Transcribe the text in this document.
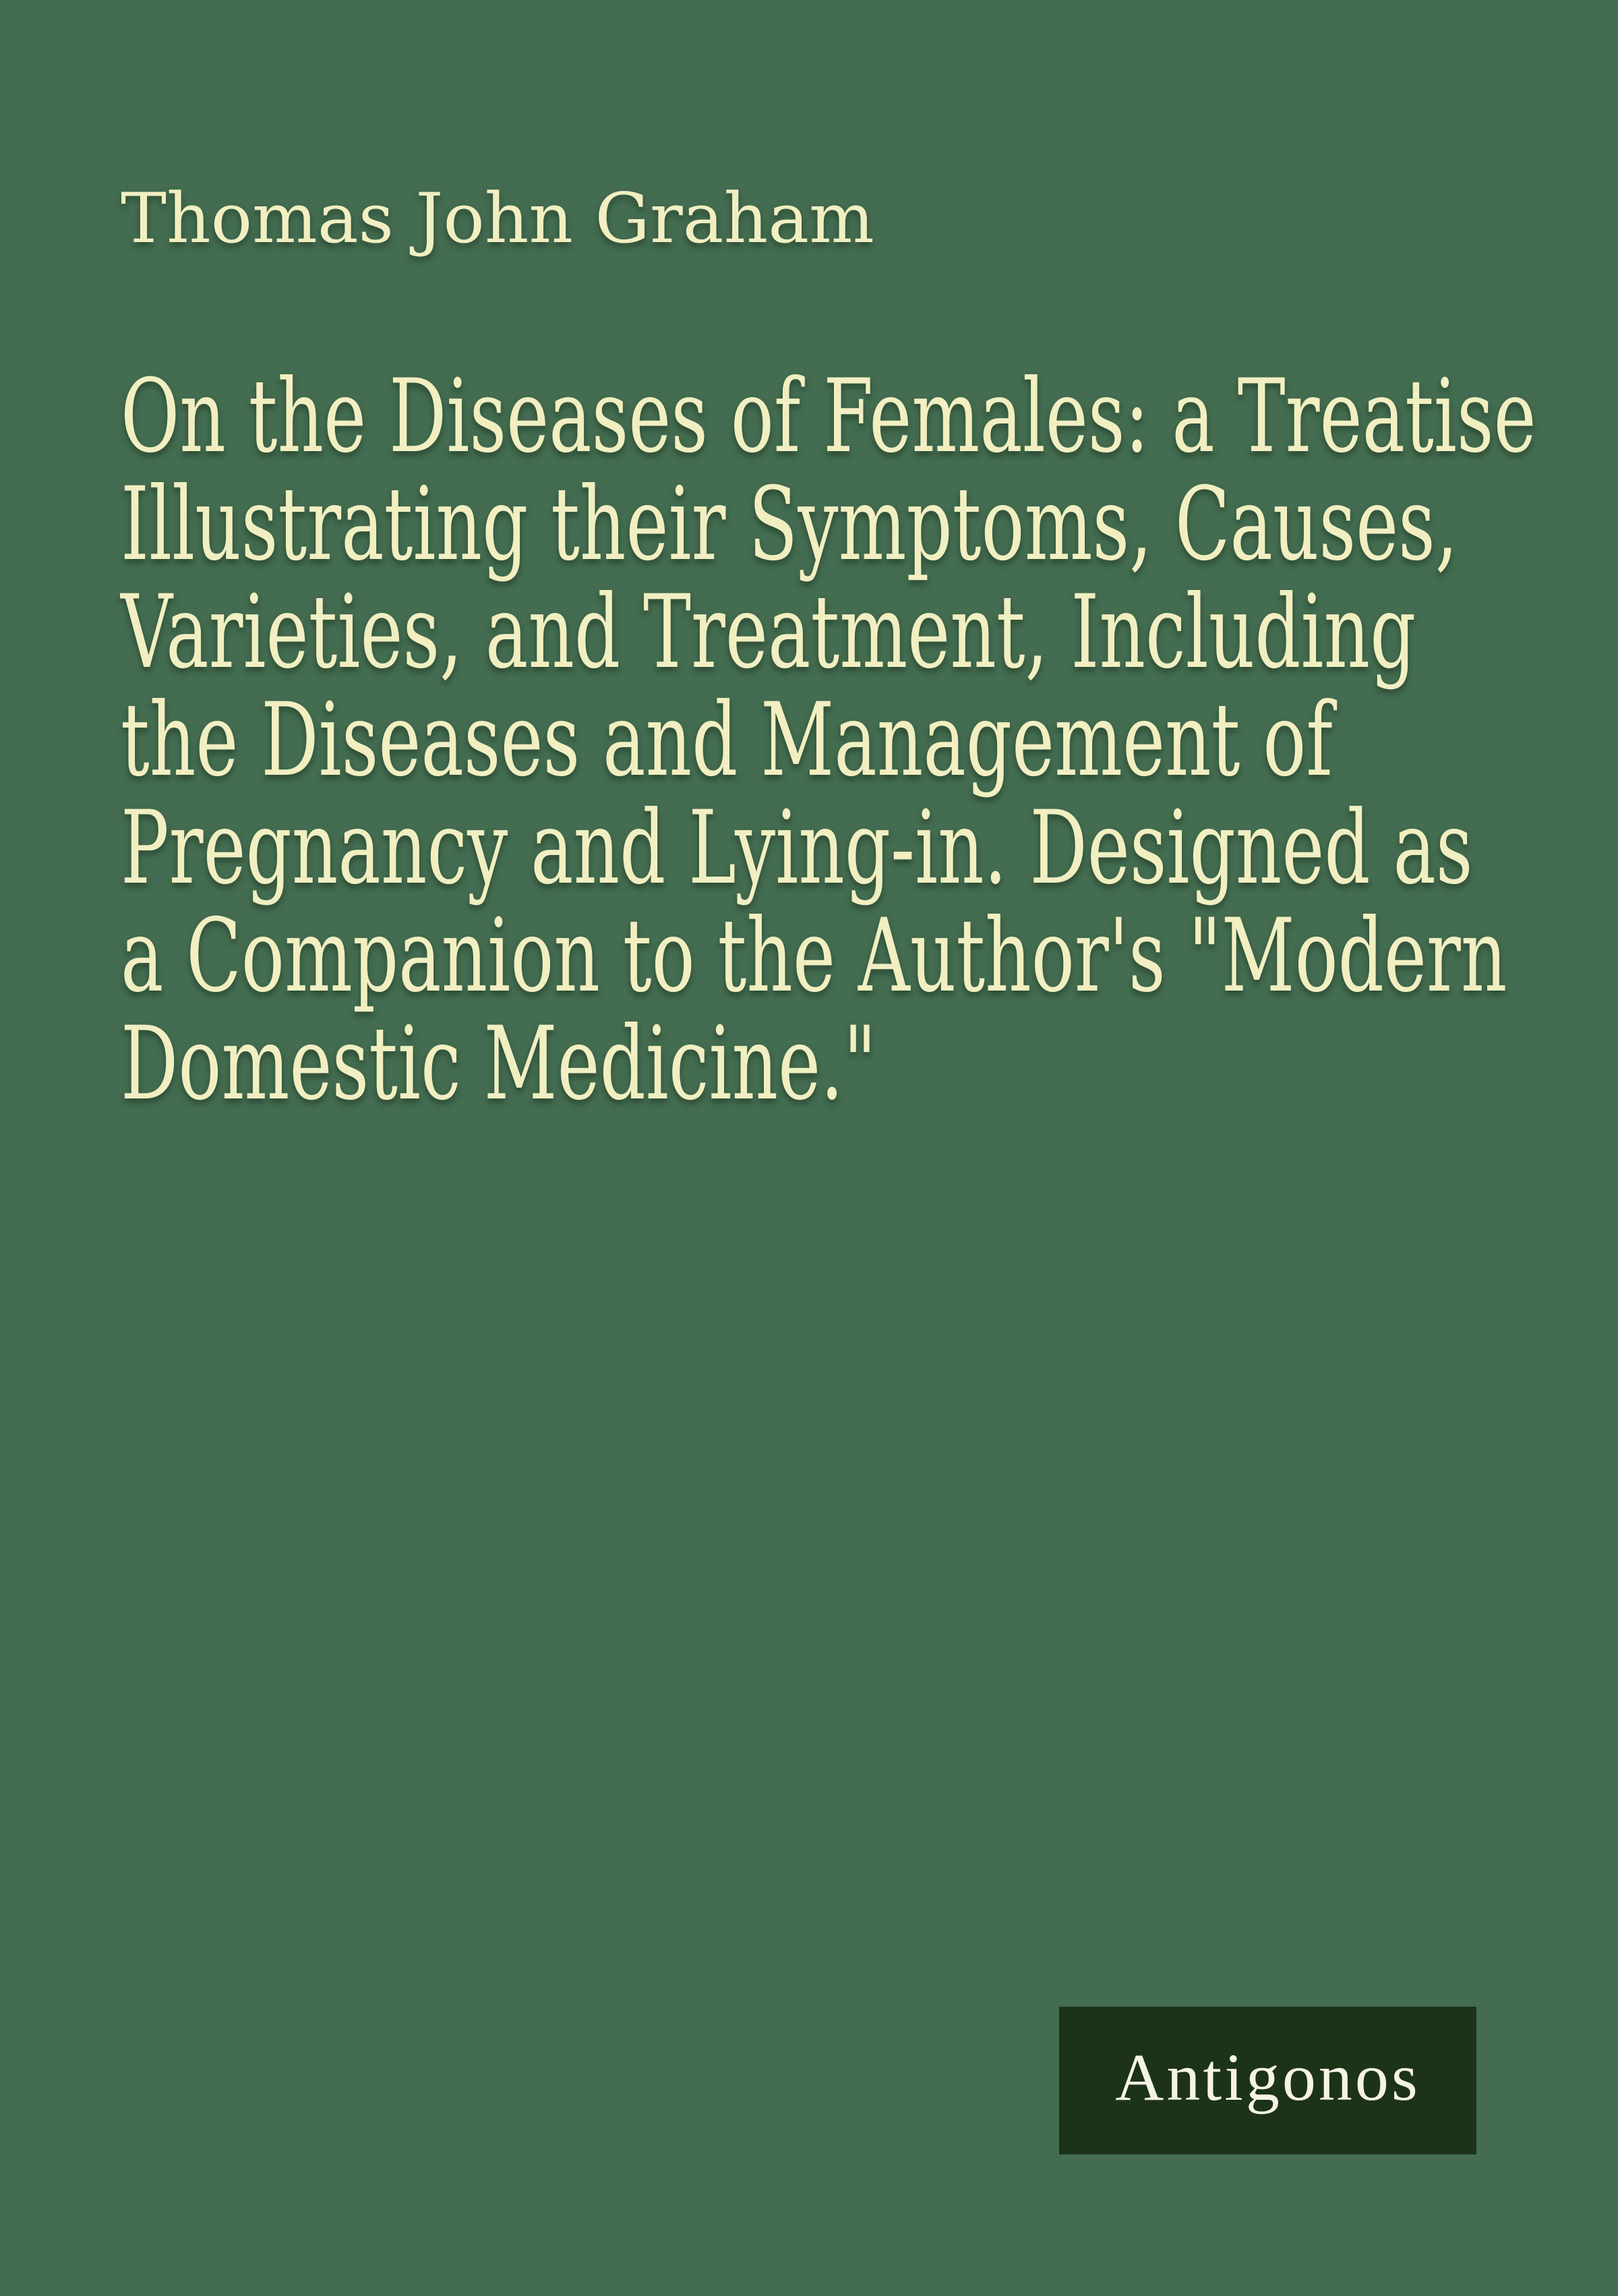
Thomas John Graham
On the Diseases of Females: a Treatise
Illustrating their Symptoms, Causes,
Varieties, and Treatment, Including
the Diseases and Management of
Pregnancy and Lying-in. Designed as
a Companion to the Author's "Modern
Domestic Medicine."
Antigonos
